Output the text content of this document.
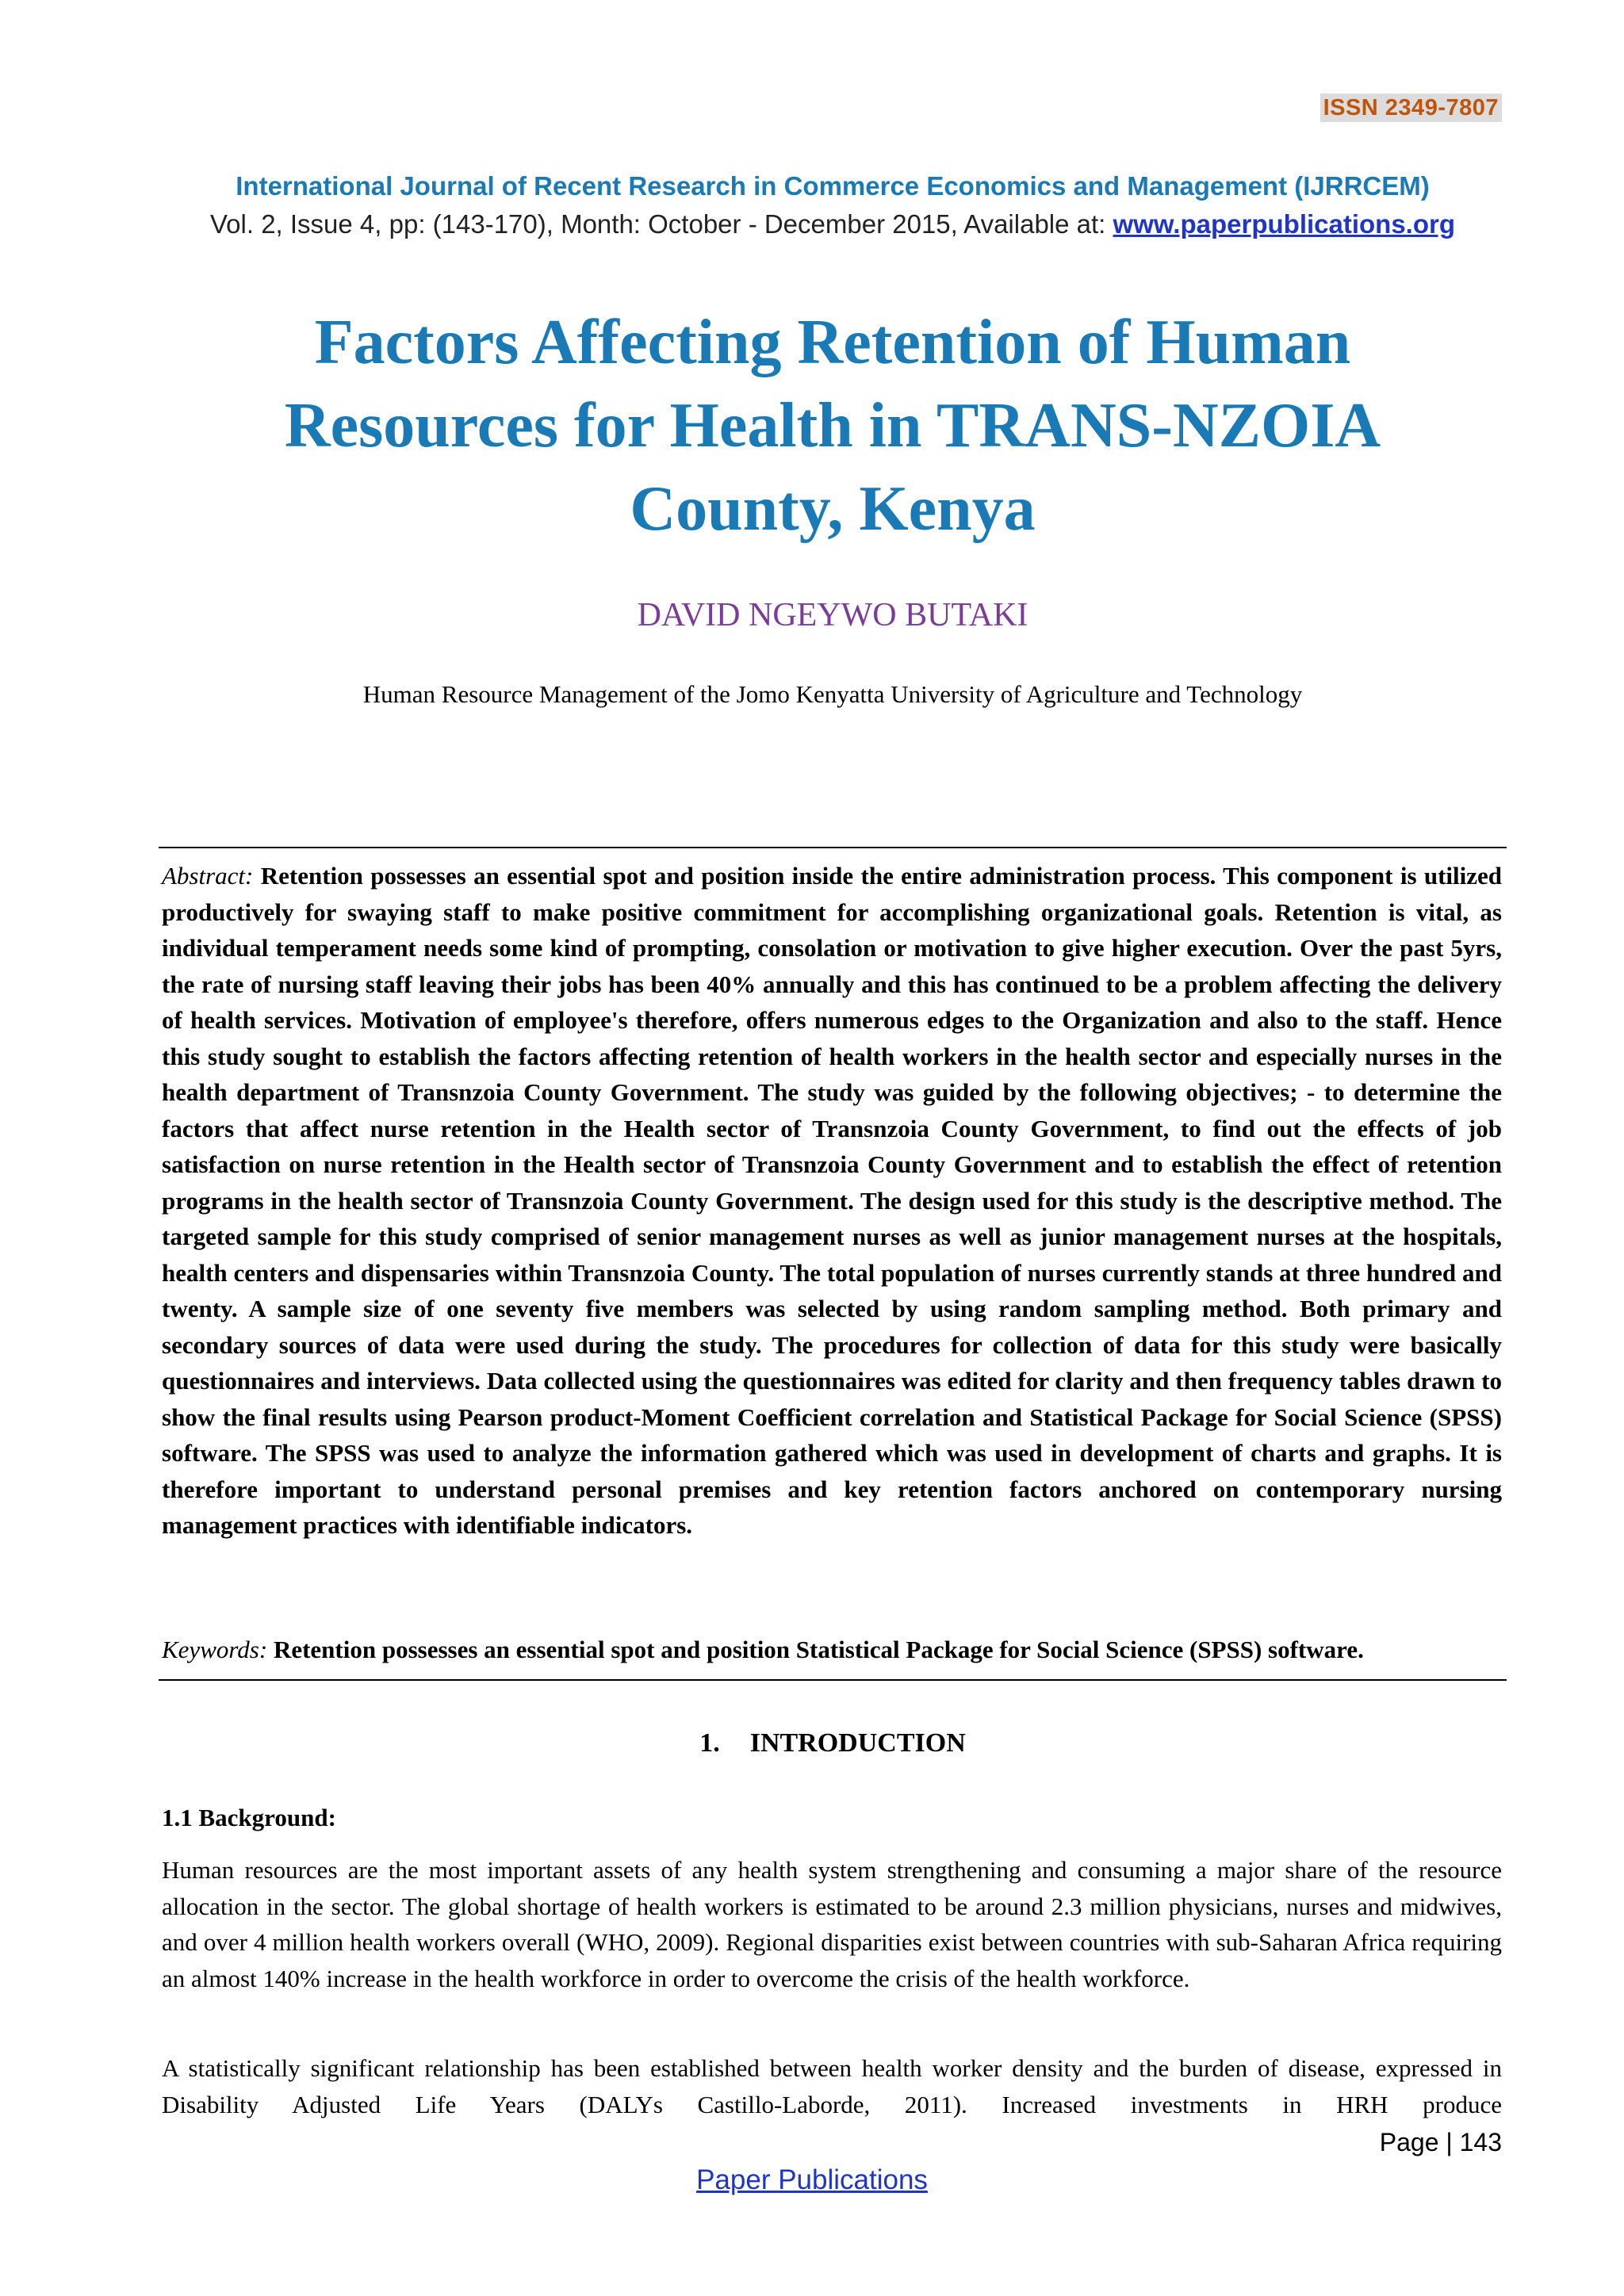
ISSN 2349-7807
International Journal of Recent Research in Commerce Economics and Management (IJRRCEM)
Vol. 2, Issue 4, pp: (143-170), Month: October - December 2015, Available at: www.paperpublications.org
Factors Affecting Retention of Human
Resources for Health in TRANS-NZOIA
County, Kenya
DAVID NGEYWO BUTAKI
Human Resource Management of the Jomo Kenyatta University of Agriculture and Technology

Abstract: Retention possesses an essential spot and position inside the entire administration process. This component is utilized productively for swaying staff to make positive commitment for accomplishing organizational goals. Retention is vital, as individual temperament needs some kind of prompting, consolation or motivation to give higher execution. Over the past 5yrs, the rate of nursing staff leaving their jobs has been 40% annually and this has continued to be a problem affecting the delivery of health services. Motivation of employee's therefore, offers numerous edges to the Organization and also to the staff. Hence this study sought to establish the factors affecting retention of health workers in the health sector and especially nurses in the health department of Transnzoia County Government. The study was guided by the following objectives; - to determine the factors that affect nurse retention in the Health sector of Transnzoia County Government, to find out the effects of job satisfaction on nurse retention in the Health sector of Transnzoia County Government and to establish the effect of retention programs in the health sector of Transnzoia County Government. The design used for this study is the descriptive method. The targeted sample for this study comprised of senior management nurses as well as junior management nurses at the hospitals, health centers and dispensaries within Transnzoia County. The total population of nurses currently stands at three hundred and twenty. A sample size of one seventy five members was selected by using random sampling method. Both primary and secondary sources of data were used during the study. The procedures for collection of data for this study were basically questionnaires and interviews. Data collected using the questionnaires was edited for clarity and then frequency tables drawn to show the final results using Pearson product-Moment Coefficient correlation and Statistical Package for Social Science (SPSS) software. The SPSS was used to analyze the information gathered which was used in development of charts and graphs. It is therefore important to understand personal premises and key retention factors anchored on contemporary nursing management practices with identifiable indicators.

Keywords: Retention possesses an essential spot and position Statistical Package for Social Science (SPSS) software.

1. INTRODUCTION
1.1 Background:

Human resources are the most important assets of any health system strengthening and consuming a major share of the resource allocation in the sector. The global shortage of health workers is estimated to be around 2.3 million physicians, nurses and midwives, and over 4 million health workers overall (WHO, 2009). Regional disparities exist between countries with sub-Saharan Africa requiring an almost 140% increase in the health workforce in order to overcome the crisis of the health workforce.

A statistically significant relationship has been established between health worker density and the burden of disease, expressed in Disability Adjusted Life Years (DALYs Castillo-Laborde, 2011). Increased investments in HRH produce

Page | 143
Paper Publications
